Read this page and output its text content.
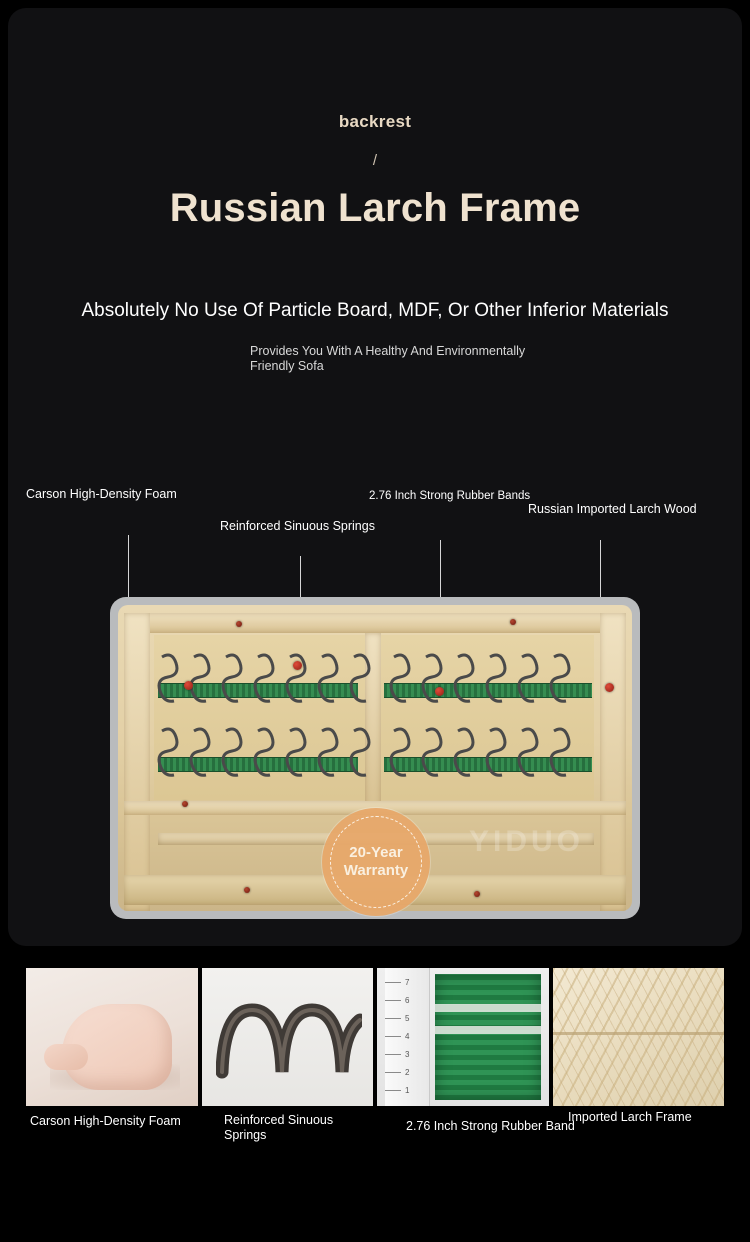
backrest
/
Russian Larch Frame
Absolutely No Use Of Particle Board, MDF, Or Other Inferior Materials
Provides You With A Healthy And Environmentally Friendly Sofa
Carson High-Density Foam
Reinforced Sinuous Springs
2.76 Inch Strong Rubber Bands
Russian Imported Larch Wood
YIDUO
20-Year
Warranty
7
6
5
4
3
2
1
Carson High-Density Foam	Reinforced Sinuous Springs
2.76 Inch Strong Rubber Band
Imported Larch Frame
